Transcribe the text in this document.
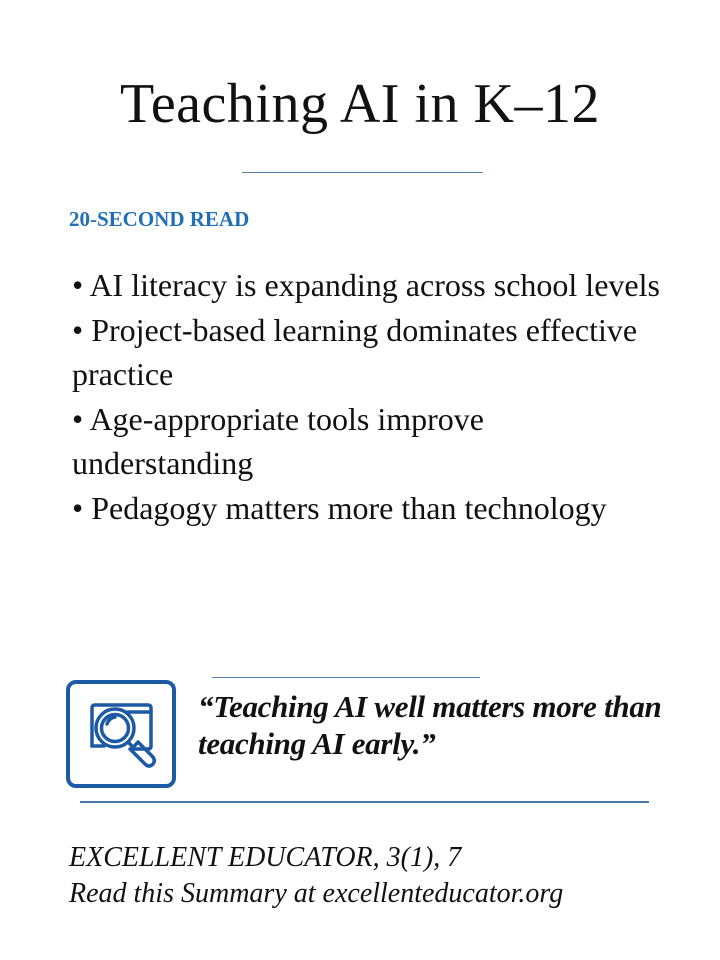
Teaching AI in K–12
20-SECOND READ
• AI literacy is expanding across school levels
• Project-based learning dominates effective practice
• Age-appropriate tools improve understanding
• Pedagogy matters more than technology
“Teaching AI well matters more than teaching AI early.”
EXCELLENT EDUCATOR, 3(1), 7
Read this Summary at excellenteducator.org
